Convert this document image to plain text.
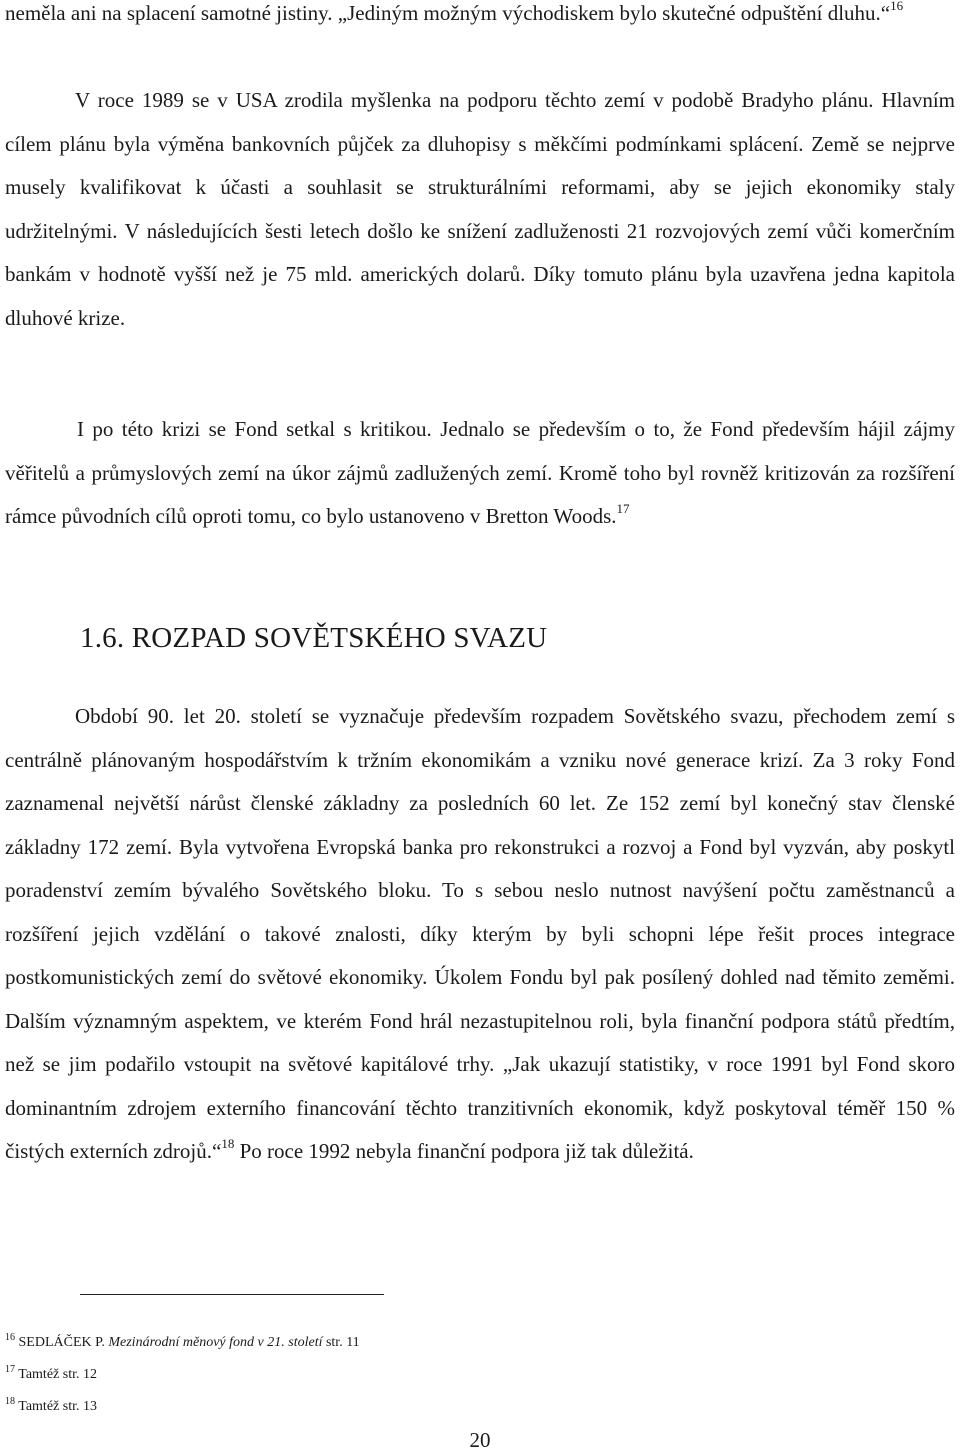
neměla ani na splacení samotné jistiny. „Jediným možným východiskem bylo skutečné odpuštění dluhu.“$^{16}$

V roce 1989 se v USA zrodila myšlenka na podporu těchto zemí v podobě Bradyho plánu. Hlavním cílem plánu byla výměna bankovních půjček za dluhopisy s měkčími podmínkami splácení. Země se nejprve musely kvalifikovat k účasti a souhlasit se strukturálními reformami, aby se jejich ekonomiky staly udržitelnými. V následujících šesti letech došlo ke snížení zadluženosti 21 rozvojových zemí vůči komerčním bankám v hodnotě vyšší než je 75 mld. amerických dolarů. Díky tomuto plánu byla uzavřena jedna kapitola dluhové krize.

I po této krizi se Fond setkal s kritikou. Jednalo se především o to, že Fond především hájil zájmy věřitelů a průmyslových zemí na úkor zájmů zadlužených zemí. Kromě toho byl rovněž kritizován za rozšíření rámce původních cílů oproti tomu, co bylo ustanoveno v Bretton Woods.$^{17}$

1.6. ROZPAD SOVĚTSKÉHO SVAZU

Období 90. let 20. století se vyznačuje především rozpadem Sovětského svazu, přechodem zemí s centrálně plánovaným hospodářstvím k tržním ekonomikám a vzniku nové generace krizí. Za 3 roky Fond zaznamenal největší nárůst členské základny za posledních 60 let. Ze 152 zemí byl konečný stav členské základny 172 zemí. Byla vytvořena Evropská banka pro rekonstrukci a rozvoj a Fond byl vyzván, aby poskytl poradenství zemím bývalého Sovětského bloku. To s sebou neslo nutnost navýšení počtu zaměstnanců a rozšíření jejich vzdělání o takové znalosti, díky kterým by byli schopni lépe řešit proces integrace postkomunistických zemí do světové ekonomiky. Úkolem Fondu byl pak posílený dohled nad těmito zeměmi. Dalším významným aspektem, ve kterém Fond hrál nezastupitelnou roli, byla finanční podpora států předtím, než se jim podařilo vstoupit na světové kapitálové trhy. „Jak ukazují statistiky, v roce 1991 byl Fond skoro dominantním zdrojem externího financování těchto tranzitivních ekonomik, když poskytoval téměř 150 % čistých externích zdrojů.“$^{18}$ Po roce 1992 nebyla finanční podpora již tak důležitá.

$^{16}$ SEDLÁČEK P. Mezinárodní měnový fond v 21. století str. 11

$^{17}$ Tamtéž str. 12

$^{18}$ Tamtéž str. 13

20
